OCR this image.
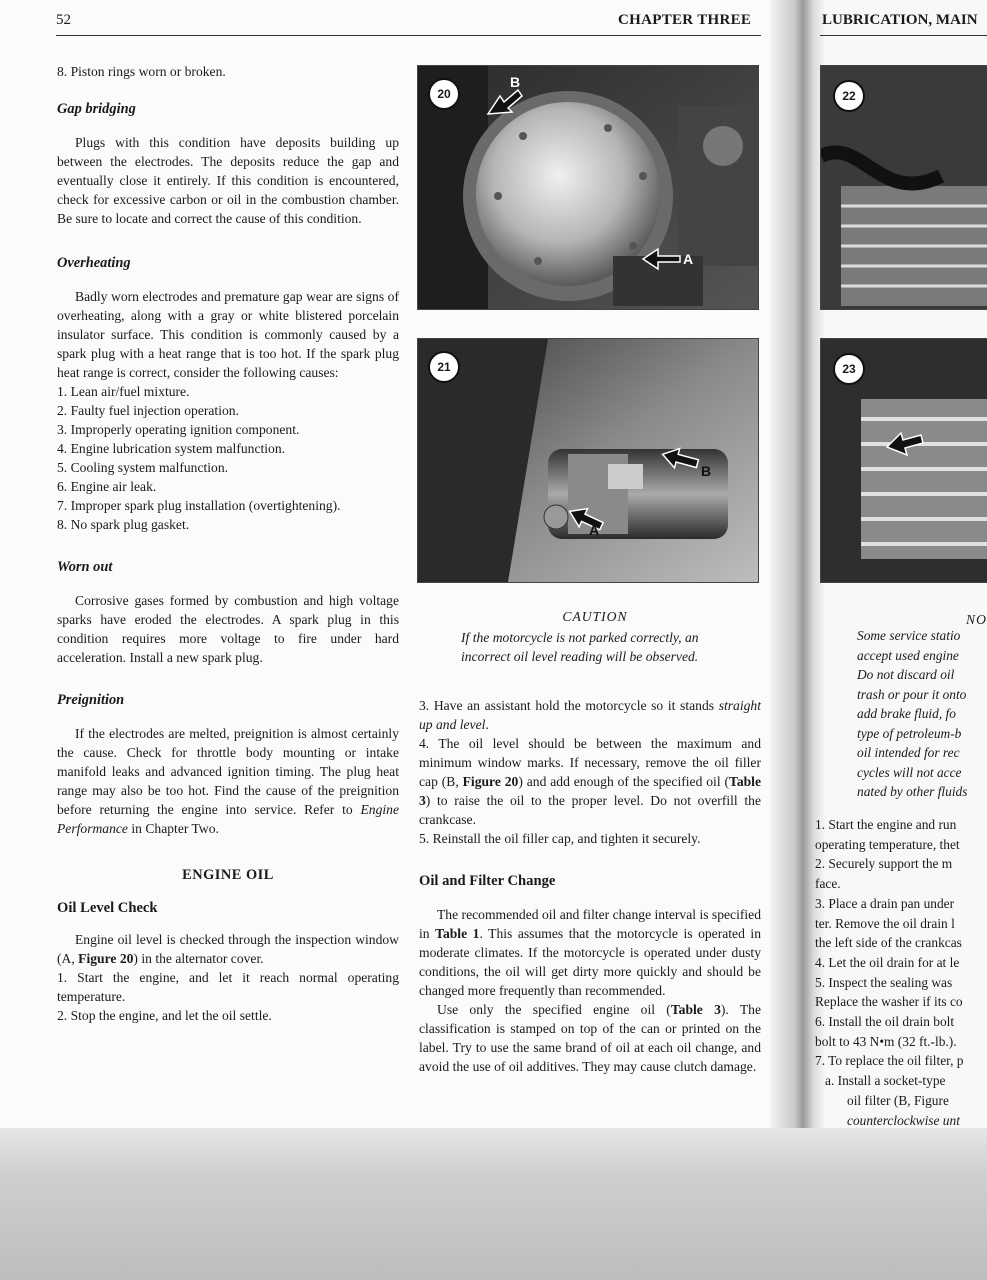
52	CHAPTER THREE	LUBRICATION, MAIN
8. Piston rings worn or broken.
Gap bridging

Plugs with this condition have deposits building up between the electrodes. The deposits reduce the gap and eventually close it entirely. If this condition is encountered, check for excessive carbon or oil in the combustion chamber. Be sure to locate and correct the cause of this condition.

Overheating

Badly worn electrodes and premature gap wear are signs of overheating, along with a gray or white blistered porcelain insulator surface. This condition is commonly caused by a spark plug with a heat range that is too hot. If the spark plug heat range is correct, consider the following causes:

1. Lean air/fuel mixture.
2. Faulty fuel injection operation.
3. Improperly operating ignition component.
4. Engine lubrication system malfunction.
5. Cooling system malfunction.
6. Engine air leak.
7. Improper spark plug installation (overtightening).
8. No spark plug gasket.
Worn out

Corrosive gases formed by combustion and high voltage sparks have eroded the electrodes. A spark plug in this condition requires more voltage to fire under hard acceleration. Install a new spark plug.

Preignition

If the electrodes are melted, preignition is almost certainly the cause. Check for throttle body mounting or intake manifold leaks and advanced ignition timing. The plug heat range may also be too hot. Find the cause of the preignition before returning the engine into service. Refer to Engine Performance in Chapter Two.

ENGINE OIL
Oil Level Check

Engine oil level is checked through the inspection window (A, Figure 20) in the alternator cover.

1. Start the engine, and let it reach normal operating temperature.
2. Stop the engine, and let the oil settle.
20
A
B
21
A
B
CAUTION
If the motorcycle is not parked correctly, an incorrect oil level reading will be observed.
3. Have an assistant hold the motorcycle so it stands straight up and level.
4. The oil level should be between the maximum and minimum window marks. If necessary, remove the oil filler cap (B, Figure 20) and add enough of the specified oil (Table 3) to raise the oil to the proper level. Do not overfill the crankcase.
5. Reinstall the oil filler cap, and tighten it securely.
Oil and Filter Change

The recommended oil and filter change interval is specified in Table 1. This assumes that the motorcycle is operated in moderate climates. If the motorcycle is operated under dusty conditions, the oil will get dirty more quickly and should be changed more frequently than recommended.

Use only the specified engine oil (Table 3). The classification is stamped on top of the can or printed on the label. Try to use the same brand of oil at each oil change, and avoid the use of oil additives. They may cause clutch damage.

22
23
NO
Some service statio
accept used engine
Do not discard oil
trash or pour it onto
add brake fluid, fo
type of petroleum-b
oil intended for rec
cycles will not acce
nated by other fluids
1. Start the engine and run
operating temperature, thet
2. Securely support the m
face.
3. Place a drain pan under
ter. Remove the oil drain l
the left side of the crankcas
4. Let the oil drain for at le
5. Inspect the sealing was
Replace the washer if its co
6. Install the oil drain bolt
bolt to 43 N•m (32 ft.-lb.).
7. To replace the oil filter, p
a. Install a socket-type
oil filter (B, Figure
counterclockwise unt
